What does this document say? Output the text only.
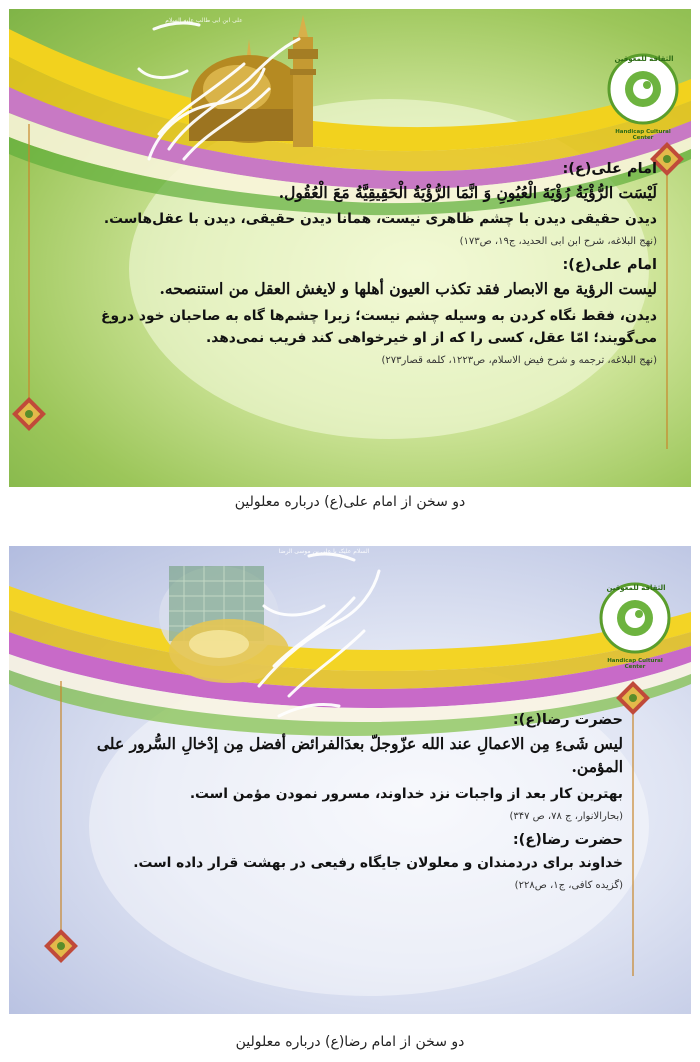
الثقافة للمعوقين
Handicap Cultural Center
علی ابن ابی طالب علیه السلام

امام علی(ع):

لَيْسَت الرُّؤْيَةُ رُؤْيَةَ الْعُيُونِ وَ انَّمَا الرُّؤْيَةُ الْحَقِيقِيَّةُ مَعَ الْعُقُول.

دیدن حقیقی دیدن با چشم ظاهری نیست، همانا دیدن حقیقی، دیدن با عقل‌هاست.

(نهج البلاغه، شرح ابن ابی الحدید، ج۱۹، ص۱۷۳)

امام علی(ع):

لیست الرؤیة مع الابصار فقد تکذب العیون أهلها و لایغش العقل من استنصحه.

دیدن، فقط نگاه کردن به وسیله چشم نیست؛ زیرا چشم‌ها گاه به صاحبان خود دروغ می‌گویند؛ امّا عقل، کسی را که از او خیرخواهی کند فریب نمی‌دهد.

(نهج البلاغه، ترجمه و شرح فیض الاسلام، ص۱۲۲۳، کلمه قصار۲۷۳)

دو سخن از امام علی(ع) درباره معلولین
الثقافة للمعوقين
Handicap Cultural Center
السلام علیک یا علی بن موسی الرضا

حضرت رضا(ع):

لیس شَیءِ مِن الاعمالِ عند الله عزّوجلّ بعدَالفرائض أفضل مِن إدْخالِ السُّرور علی المؤمن.

بهترین کار بعد از واجبات نزد خداوند، مسرور نمودن مؤمن است.

(بحارالانوار، ج ۷۸، ص ۳۴۷)

حضرت رضا(ع):

خداوند برای دردمندان و معلولان جایگاه رفیعی در بهشت قرار داده است.

(گزیده کافی، ج۱، ص۲۲۸)

دو سخن از امام رضا(ع) درباره معلولین
